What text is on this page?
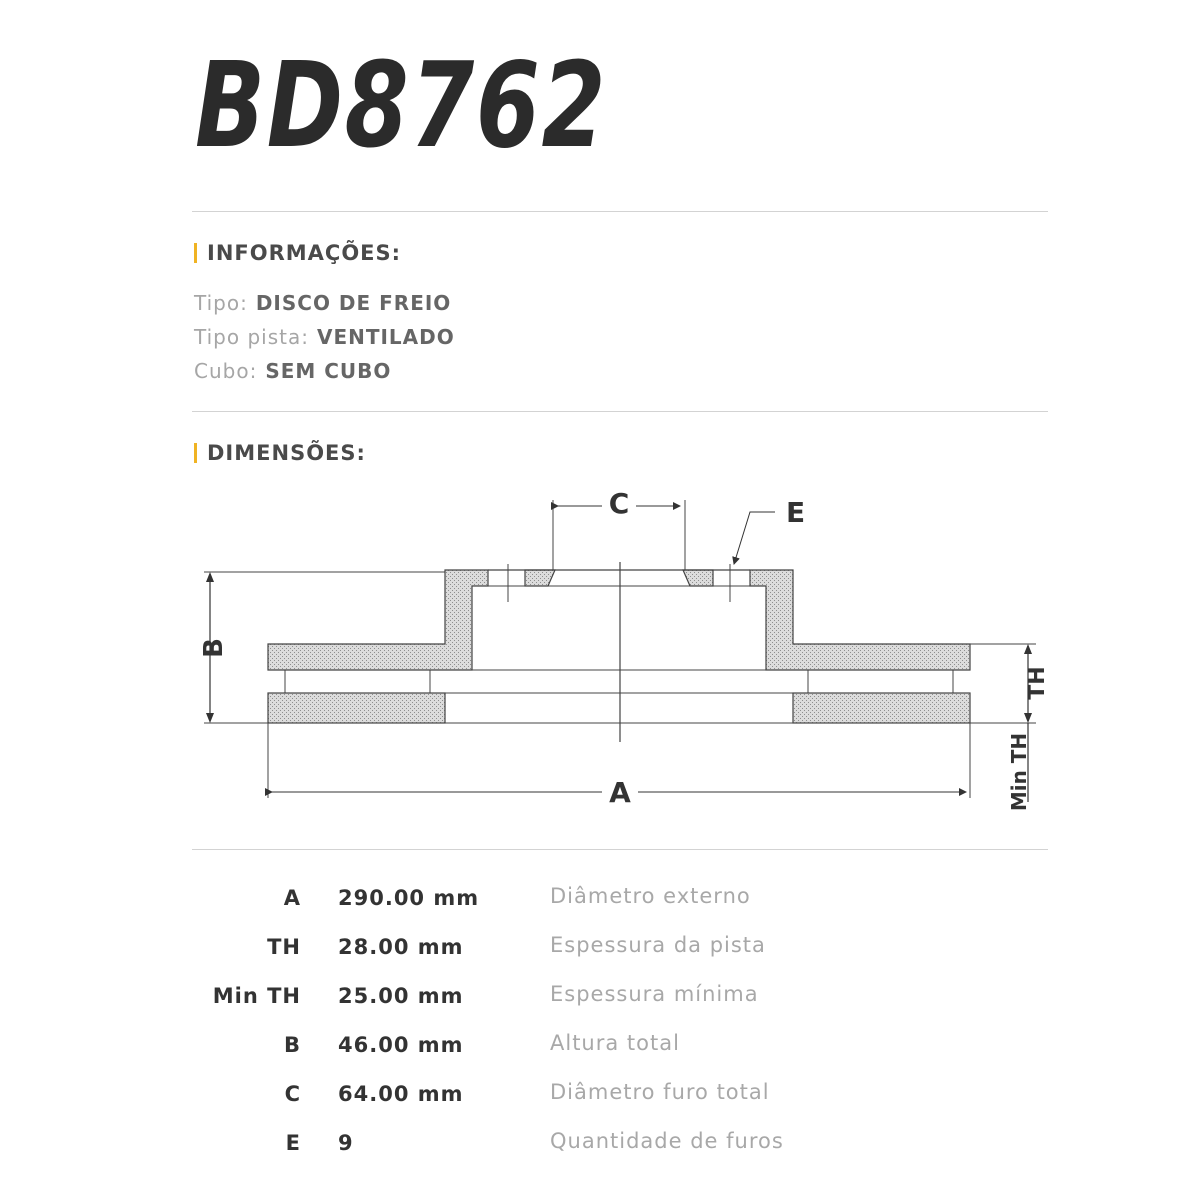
BD8762
INFORMAÇÕES:
Tipo: DISCO DE FREIO
Tipo pista: VENTILADO
Cubo: SEM CUBO
DIMENSÕES:
C	E
B
TH
Min TH
A
A 290.00 mm	Diâmetro externo
TH 28.00 mm	Espessura da pista
Min TH 25.00 mm	Espessura mínima
B 46.00 mm	Altura total
C 64.00 mm	Diâmetro furo total
E 9	Quantidade de furos
